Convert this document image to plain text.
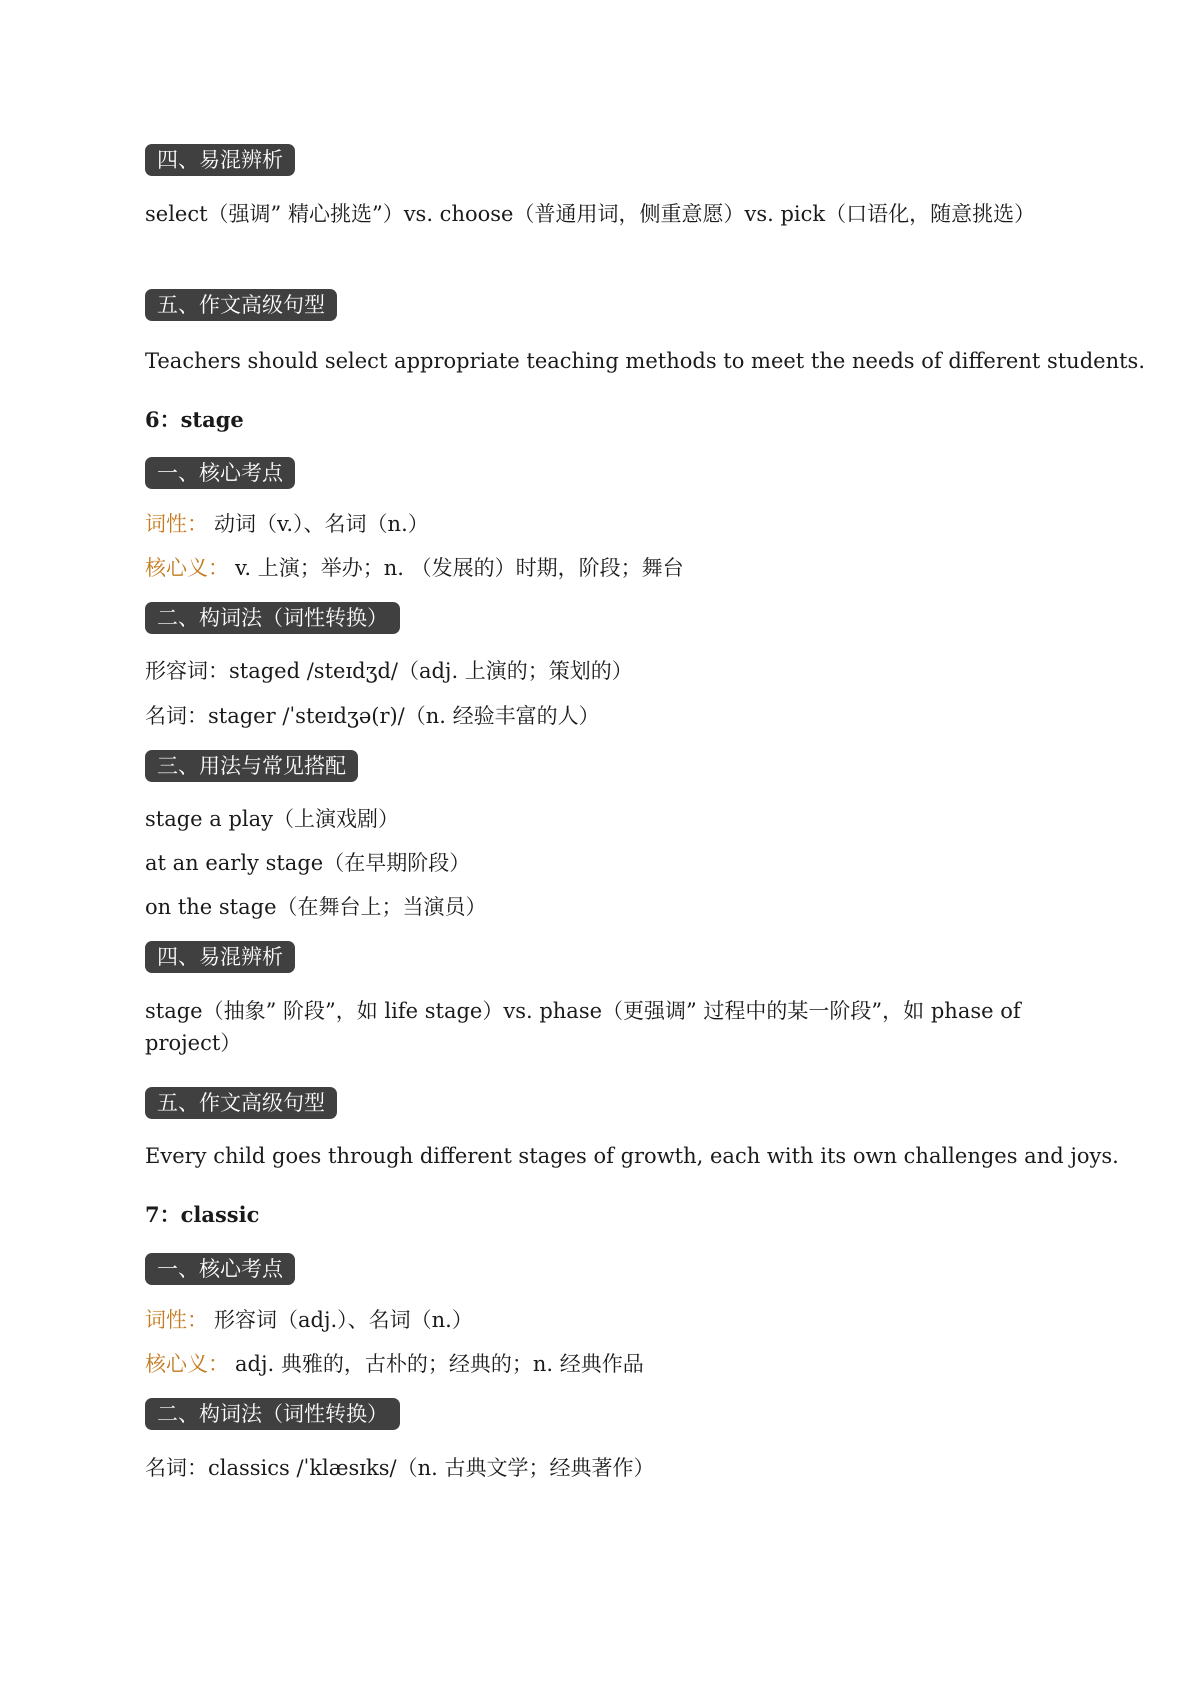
四、易混辨析
select（强调” 精心挑选”）vs. choose（普通用词，侧重意愿）vs. pick（口语化，随意挑选）
五、作文高级句型
Teachers should select appropriate teaching methods to meet the needs of different students.
6：stage
一、核心考点
词性： 动词（v.）、名词（n.）
核心义： v. 上演；举办；n. （发展的）时期，阶段；舞台
二、构词法（词性转换）
形容词：staged /steɪdʒd/（adj. 上演的；策划的）
名词：stager /ˈsteɪdʒə(r)/（n. 经验丰富的人）
三、用法与常见搭配
stage a play（上演戏剧）
at an early stage（在早期阶段）
on the stage（在舞台上；当演员）
四、易混辨析
stage（抽象” 阶段”，如 life stage）vs. phase（更强调” 过程中的某一阶段”，如 phase of project）
五、作文高级句型
Every child goes through different stages of growth, each with its own challenges and joys.
7：classic
一、核心考点
词性： 形容词（adj.）、名词（n.）
核心义： adj. 典雅的，古朴的；经典的；n. 经典作品
二、构词法（词性转换）
名词：classics /ˈklæsɪks/（n. 古典文学；经典著作）
